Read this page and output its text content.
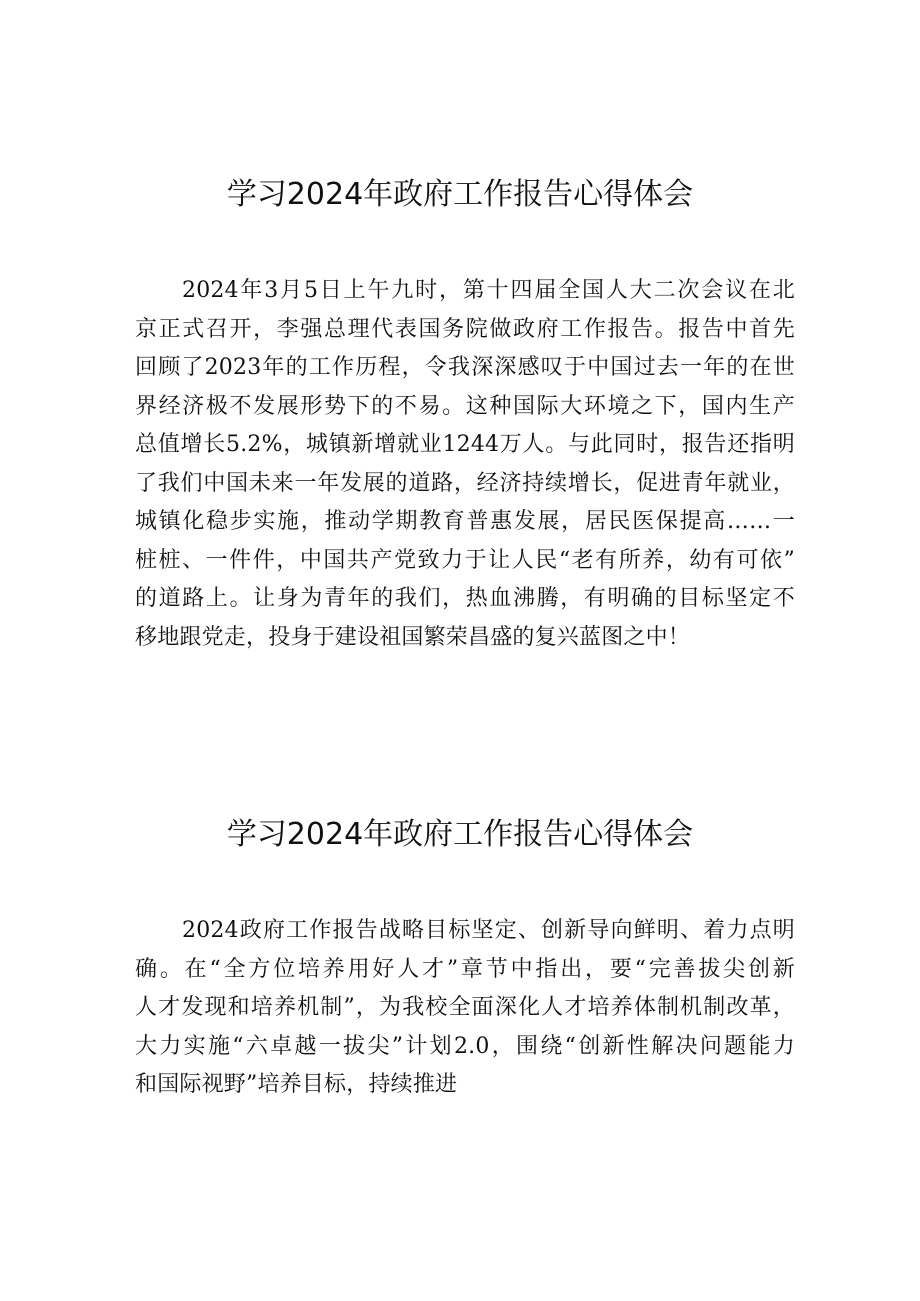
学习2024年政府工作报告心得体会
2024年3月5日上午九时，第十四届全国人大二次会议在北
京正式召开，李强总理代表国务院做政府工作报告。报告中首先
回顾了2023年的工作历程，令我深深感叹于中国过去一年的在世
界经济极不发展形势下的不易。这种国际大环境之下，国内生产
总值增长5.2%，城镇新增就业1244万人。与此同时，报告还指明
了我们中国未来一年发展的道路，经济持续增长，促进青年就业，
城镇化稳步实施，推动学期教育普惠发展，居民医保提高……一
桩桩、一件件，中国共产党致力于让人民“老有所养，幼有可依”
的道路上。让身为青年的我们，热血沸腾，有明确的目标坚定不
移地跟党走，投身于建设祖国繁荣昌盛的复兴蓝图之中！
学习2024年政府工作报告心得体会
2024政府工作报告战略目标坚定、创新导向鲜明、着力点明
确。在“全方位培养用好人才”章节中指出，要“完善拔尖创新
人才发现和培养机制”，为我校全面深化人才培养体制机制改革，
大力实施“六卓越一拔尖”计划2.0，围绕“创新性解决问题能力
和国际视野”培养目标，持续推进
